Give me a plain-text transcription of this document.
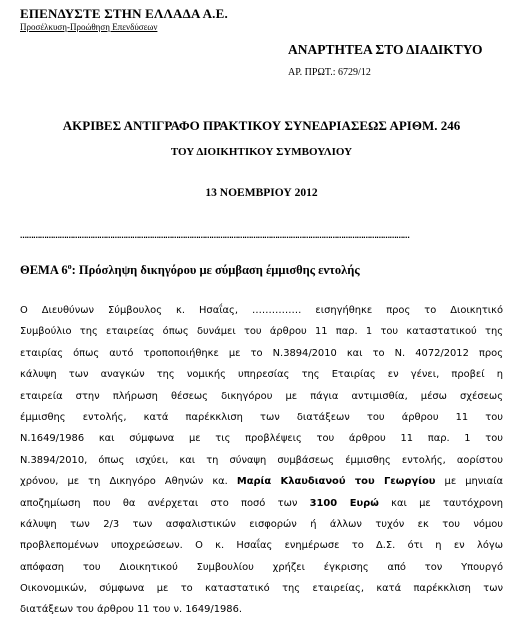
ΕΠΕΝΔΥΣΤΕ ΣΤΗΝ ΕΛΛΑΔΑ Α.Ε.
Προσέλκυση-Προώθηση Επενδύσεων
ΑΝΑΡΤΗΤΕΑ ΣΤΟ ΔΙΑΔΙΚΤΥΟ
ΑΡ. ΠΡΩΤ.: 6729/12
ΑΚΡΙΒΕΣ ΑΝΤΙΓΡΑΦΟ ΠΡΑΚΤΙΚΟΥ ΣΥΝΕΔΡΙΑΣΕΩΣ ΑΡΙΘΜ. 246
ΤΟΥ ΔΙΟΙΚΗΤΙΚΟΥ ΣΥΜΒΟΥΛΙΟΥ
13 ΝΟΕΜΒΡΙΟΥ 2012
……………………………………………………………………………………………………………………………………………………………
ΘΕΜΑ $6^o$: Πρόσληψη δικηγόρου με σύμβαση έμμισθης εντολής
Ο Διευθύνων Σύμβουλος κ. Ησαΐας, …………… εισηγήθηκε προς το Διοικητικό
Συμβούλιο της εταιρείας όπως δυνάμει του άρθρου 11 παρ. 1 του καταστατικού της
εταιρίας όπως αυτό τροποποιήθηκε με το Ν.3894/2010 και το Ν. 4072/2012 προς
κάλυψη των αναγκών της νομικής υπηρεσίας της Εταιρίας εν γένει, προβεί η
εταιρεία στην πλήρωση θέσεως δικηγόρου με πάγια αντιμισθία, μέσω σχέσεως
έμμισθης εντολής, κατά παρέκκλιση των διατάξεων του άρθρου 11 του
Ν.1649/1986 και σύμφωνα με τις προβλέψεις του άρθρου 11 παρ. 1 του
Ν.3894/2010, όπως ισχύει, και τη σύναψη συμβάσεως έμμισθης εντολής, αορίστου
χρόνου, με τη Δικηγόρο Αθηνών κα. Μαρία Κλαυδιανού του Γεωργίου με μηνιαία
αποζημίωση που θα ανέρχεται στο ποσό των 3100 Ευρώ και με ταυτόχρονη
κάλυψη των 2/3 των ασφαλιστικών εισφορών ή άλλων τυχόν εκ του νόμου
προβλεπομένων υποχρεώσεων. Ο κ. Ησαΐας ενημέρωσε το Δ.Σ. ότι η εν λόγω
απόφαση του Διοικητικού Συμβουλίου χρήζει έγκρισης από τον Υπουργό
Οικονομικών, σύμφωνα με το καταστατικό της εταιρείας, κατά παρέκκλιση των
διατάξεων του άρθρου 11 του ν. 1649/1986.
